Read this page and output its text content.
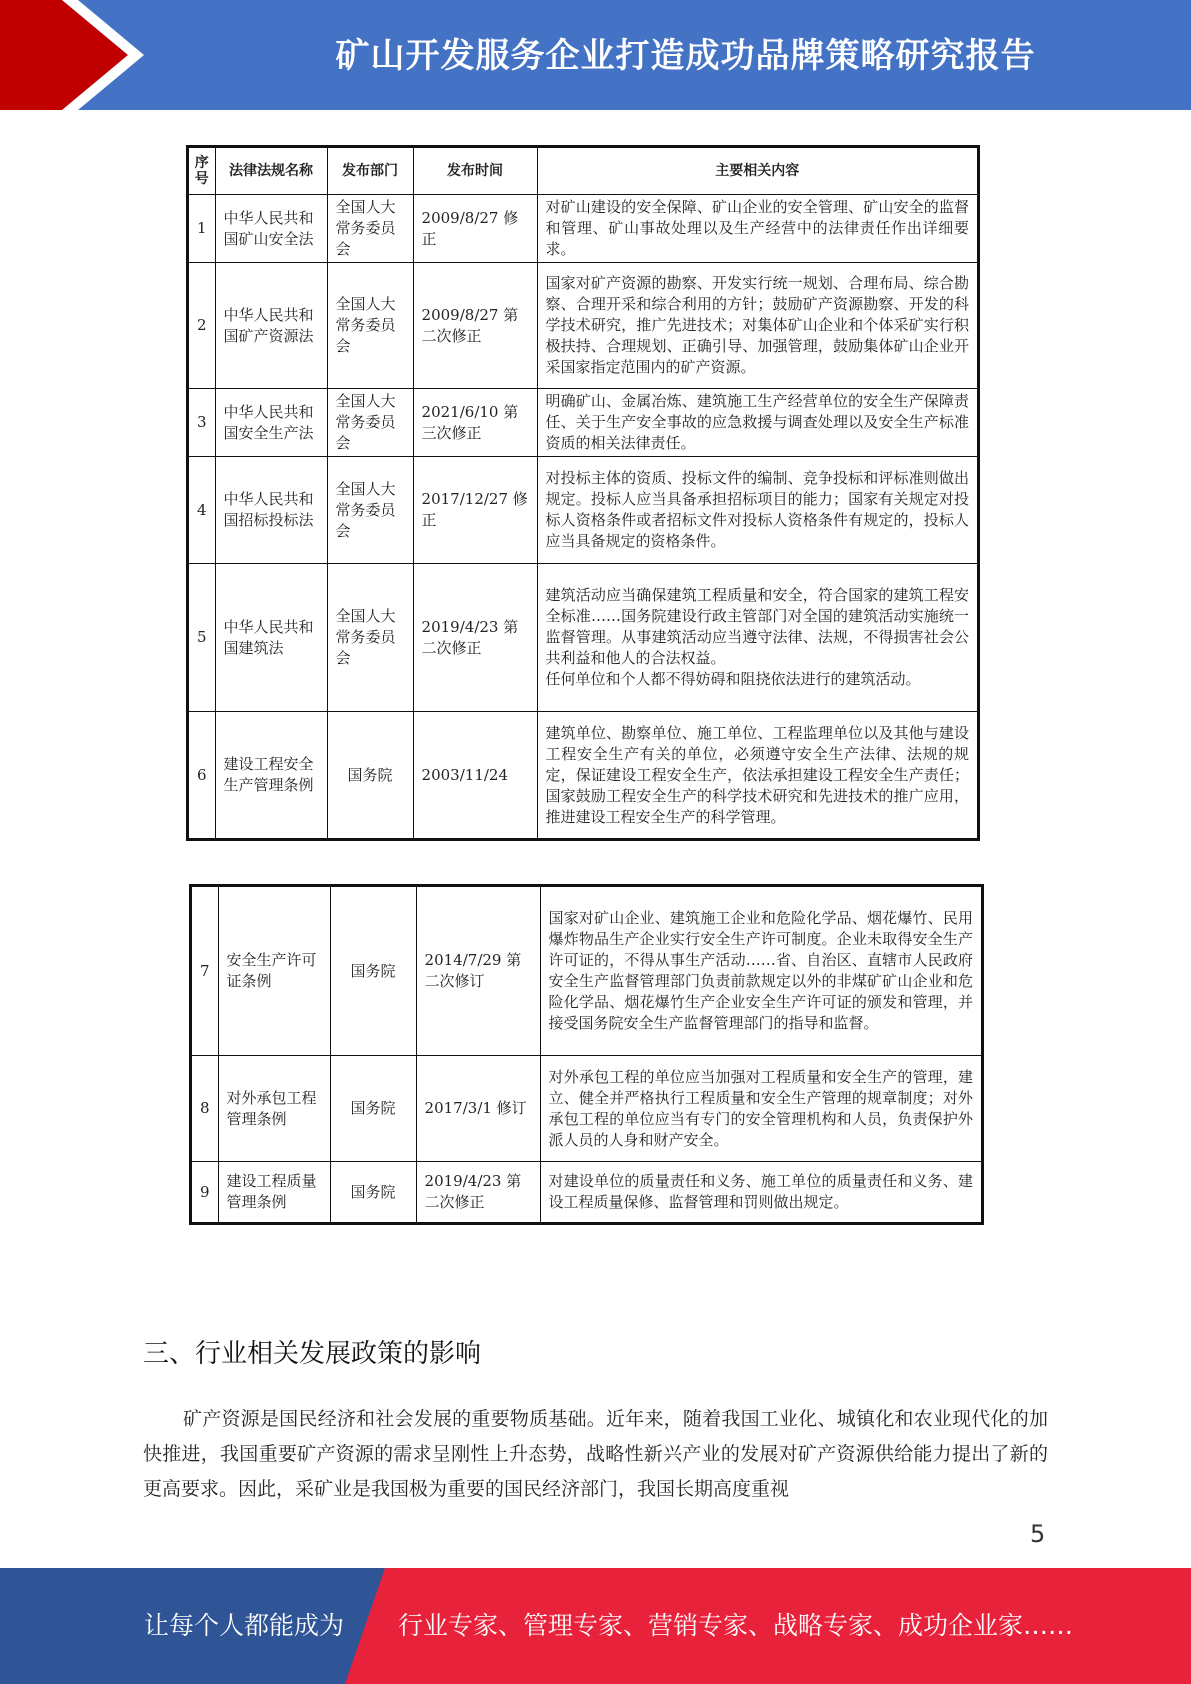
矿山开发服务企业打造成功品牌策略研究报告
序号	法律法规名称	发布部门	发布时间	主要相关内容
1	中华人民共和国矿山安全法	全国人大常务委员会	2009/8/27 修正	对矿山建设的安全保障、矿山企业的安全管理、矿山安全的监督和管理、矿山事故处理以及生产经营中的法律责任作出详细要求。
2	中华人民共和国矿产资源法	全国人大常务委员会	2009/8/27 第二次修正	国家对矿产资源的勘察、开发实行统一规划、合理布局、综合勘察、合理开采和综合利用的方针；鼓励矿产资源勘察、开发的科学技术研究，推广先进技术；对集体矿山企业和个体采矿实行积极扶持、合理规划、正确引导、加强管理，鼓励集体矿山企业开采国家指定范围内的矿产资源。
3	中华人民共和国安全生产法	全国人大常务委员会	2021/6/10 第三次修正	明确矿山、金属冶炼、建筑施工生产经营单位的安全生产保障责任、关于生产安全事故的应急救援与调查处理以及安全生产标准资质的相关法律责任。
4	中华人民共和国招标投标法	全国人大常务委员会	2017/12/27 修正	对投标主体的资质、投标文件的编制、竞争投标和评标准则做出规定。投标人应当具备承担招标项目的能力；国家有关规定对投标人资格条件或者招标文件对投标人资格条件有规定的，投标人应当具备规定的资格条件。
5	中华人民共和国建筑法	全国人大常务委员会	2019/4/23 第二次修正	建筑活动应当确保建筑工程质量和安全，符合国家的建筑工程安全标准……国务院建设行政主管部门对全国的建筑活动实施统一监督管理。从事建筑活动应当遵守法律、法规，不得损害社会公共利益和他人的合法权益。
任何单位和个人都不得妨碍和阻挠依法进行的建筑活动。

6	建设工程安全生产管理条例	国务院	2003/11/24	建筑单位、勘察单位、施工单位、工程监理单位以及其他与建设工程安全生产有关的单位，必须遵守安全生产法律、法规的规定，保证建设工程安全生产，依法承担建设工程安全生产责任；国家鼓励工程安全生产的科学技术研究和先进技术的推广应用，推进建设工程安全生产的科学管理。
7	安全生产许可证条例	国务院	2014/7/29 第二次修订	国家对矿山企业、建筑施工企业和危险化学品、烟花爆竹、民用爆炸物品生产企业实行安全生产许可制度。企业未取得安全生产许可证的，不得从事生产活动……省、自治区、直辖市人民政府安全生产监督管理部门负责前款规定以外的非煤矿矿山企业和危险化学品、烟花爆竹生产企业安全生产许可证的颁发和管理，并接受国务院安全生产监督管理部门的指导和监督。
8	对外承包工程管理条例	国务院	2017/3/1 修订	对外承包工程的单位应当加强对工程质量和安全生产的管理，建立、健全并严格执行工程质量和安全生产管理的规章制度；对外承包工程的单位应当有专门的安全管理机构和人员，负责保护外派人员的人身和财产安全。
9	建设工程质量管理条例	国务院	2019/4/23 第二次修正	对建设单位的质量责任和义务、施工单位的质量责任和义务、建设工程质量保修、监督管理和罚则做出规定。
三、行业相关发展政策的影响
矿产资源是国民经济和社会发展的重要物质基础。近年来，随着我国工业化、城镇化和农业现代化的加快推进，我国重要矿产资源的需求呈刚性上升态势，战略性新兴产业的发展对矿产资源供给能力提出了新的更高要求。因此，采矿业是我国极为重要的国民经济部门，我国长期高度重视
5
让每个人都能成为 行业专家、管理专家、营销专家、战略专家、成功企业家……
